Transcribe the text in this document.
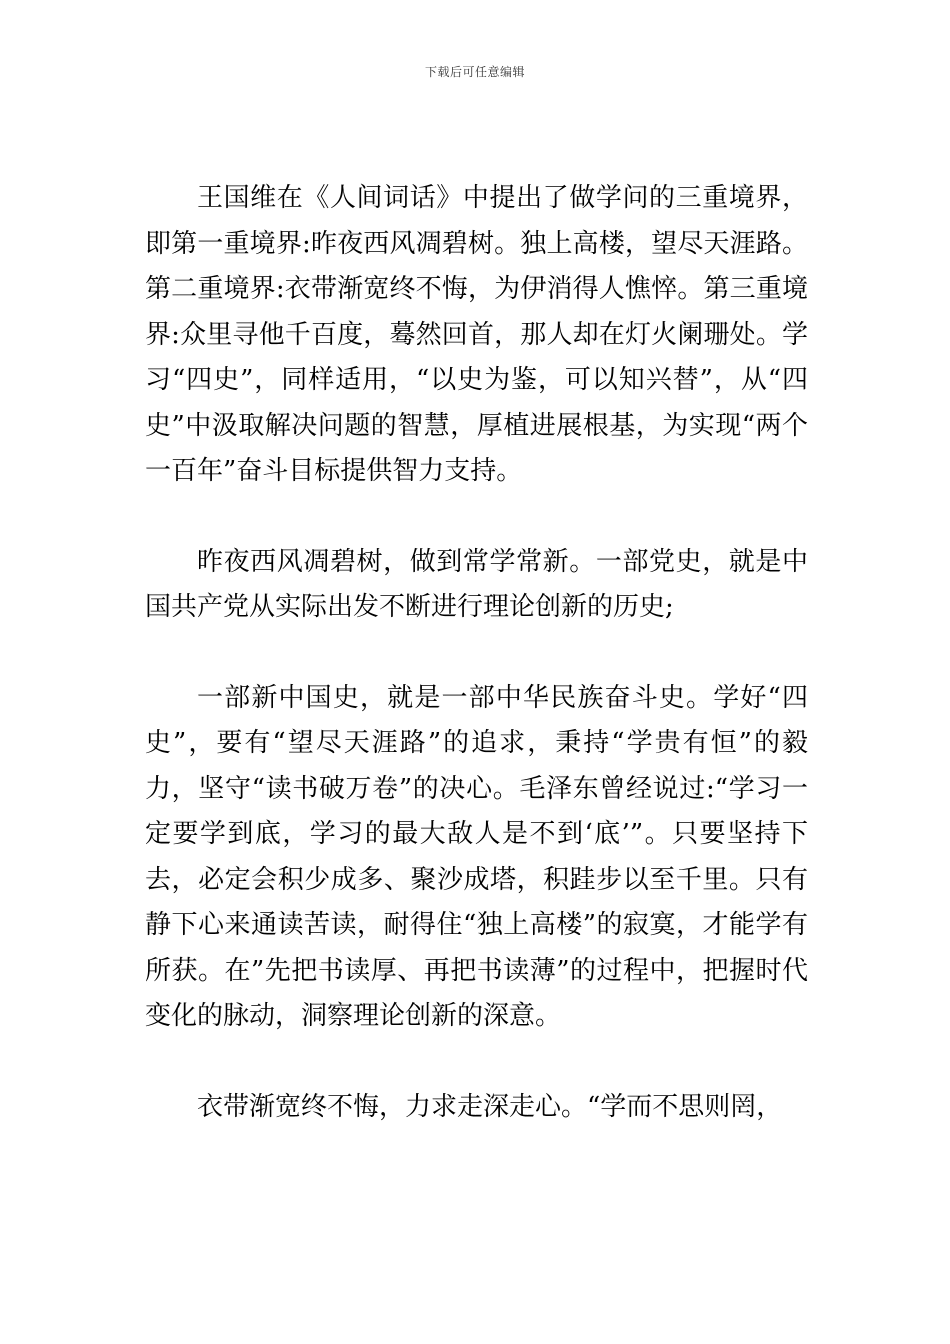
下载后可任意编辑

王国维在《人间词话》中提出了做学问的三重境界，即第一重境界:昨夜西风凋碧树。独上高楼，望尽天涯路。第二重境界:衣带渐宽终不悔，为伊消得人憔悴。第三重境界:众里寻他千百度，蓦然回首，那人却在灯火阑珊处。学习“四史”，同样适用，“以史为鉴，可以知兴替”，从“四史”中汲取解决问题的智慧，厚植进展根基，为实现“两个一百年”奋斗目标提供智力支持。

昨夜西风凋碧树，做到常学常新。一部党史，就是中国共产党从实际出发不断进行理论创新的历史;

一部新中国史，就是一部中华民族奋斗史。学好“四史”，要有“望尽天涯路”的追求，秉持“学贵有恒”的毅力，坚守“读书破万卷”的决心。毛泽东曾经说过:“学习一定要学到底，学习的最大敌人是不到‘底’”。只要坚持下去，必定会积少成多、聚沙成塔，积跬步以至千里。只有静下心来通读苦读，耐得住“独上高楼”的寂寞，才能学有所获。在”先把书读厚、再把书读薄”的过程中，把握时代变化的脉动，洞察理论创新的深意。

衣带渐宽终不悔，力求走深走心。“学而不思则罔，
